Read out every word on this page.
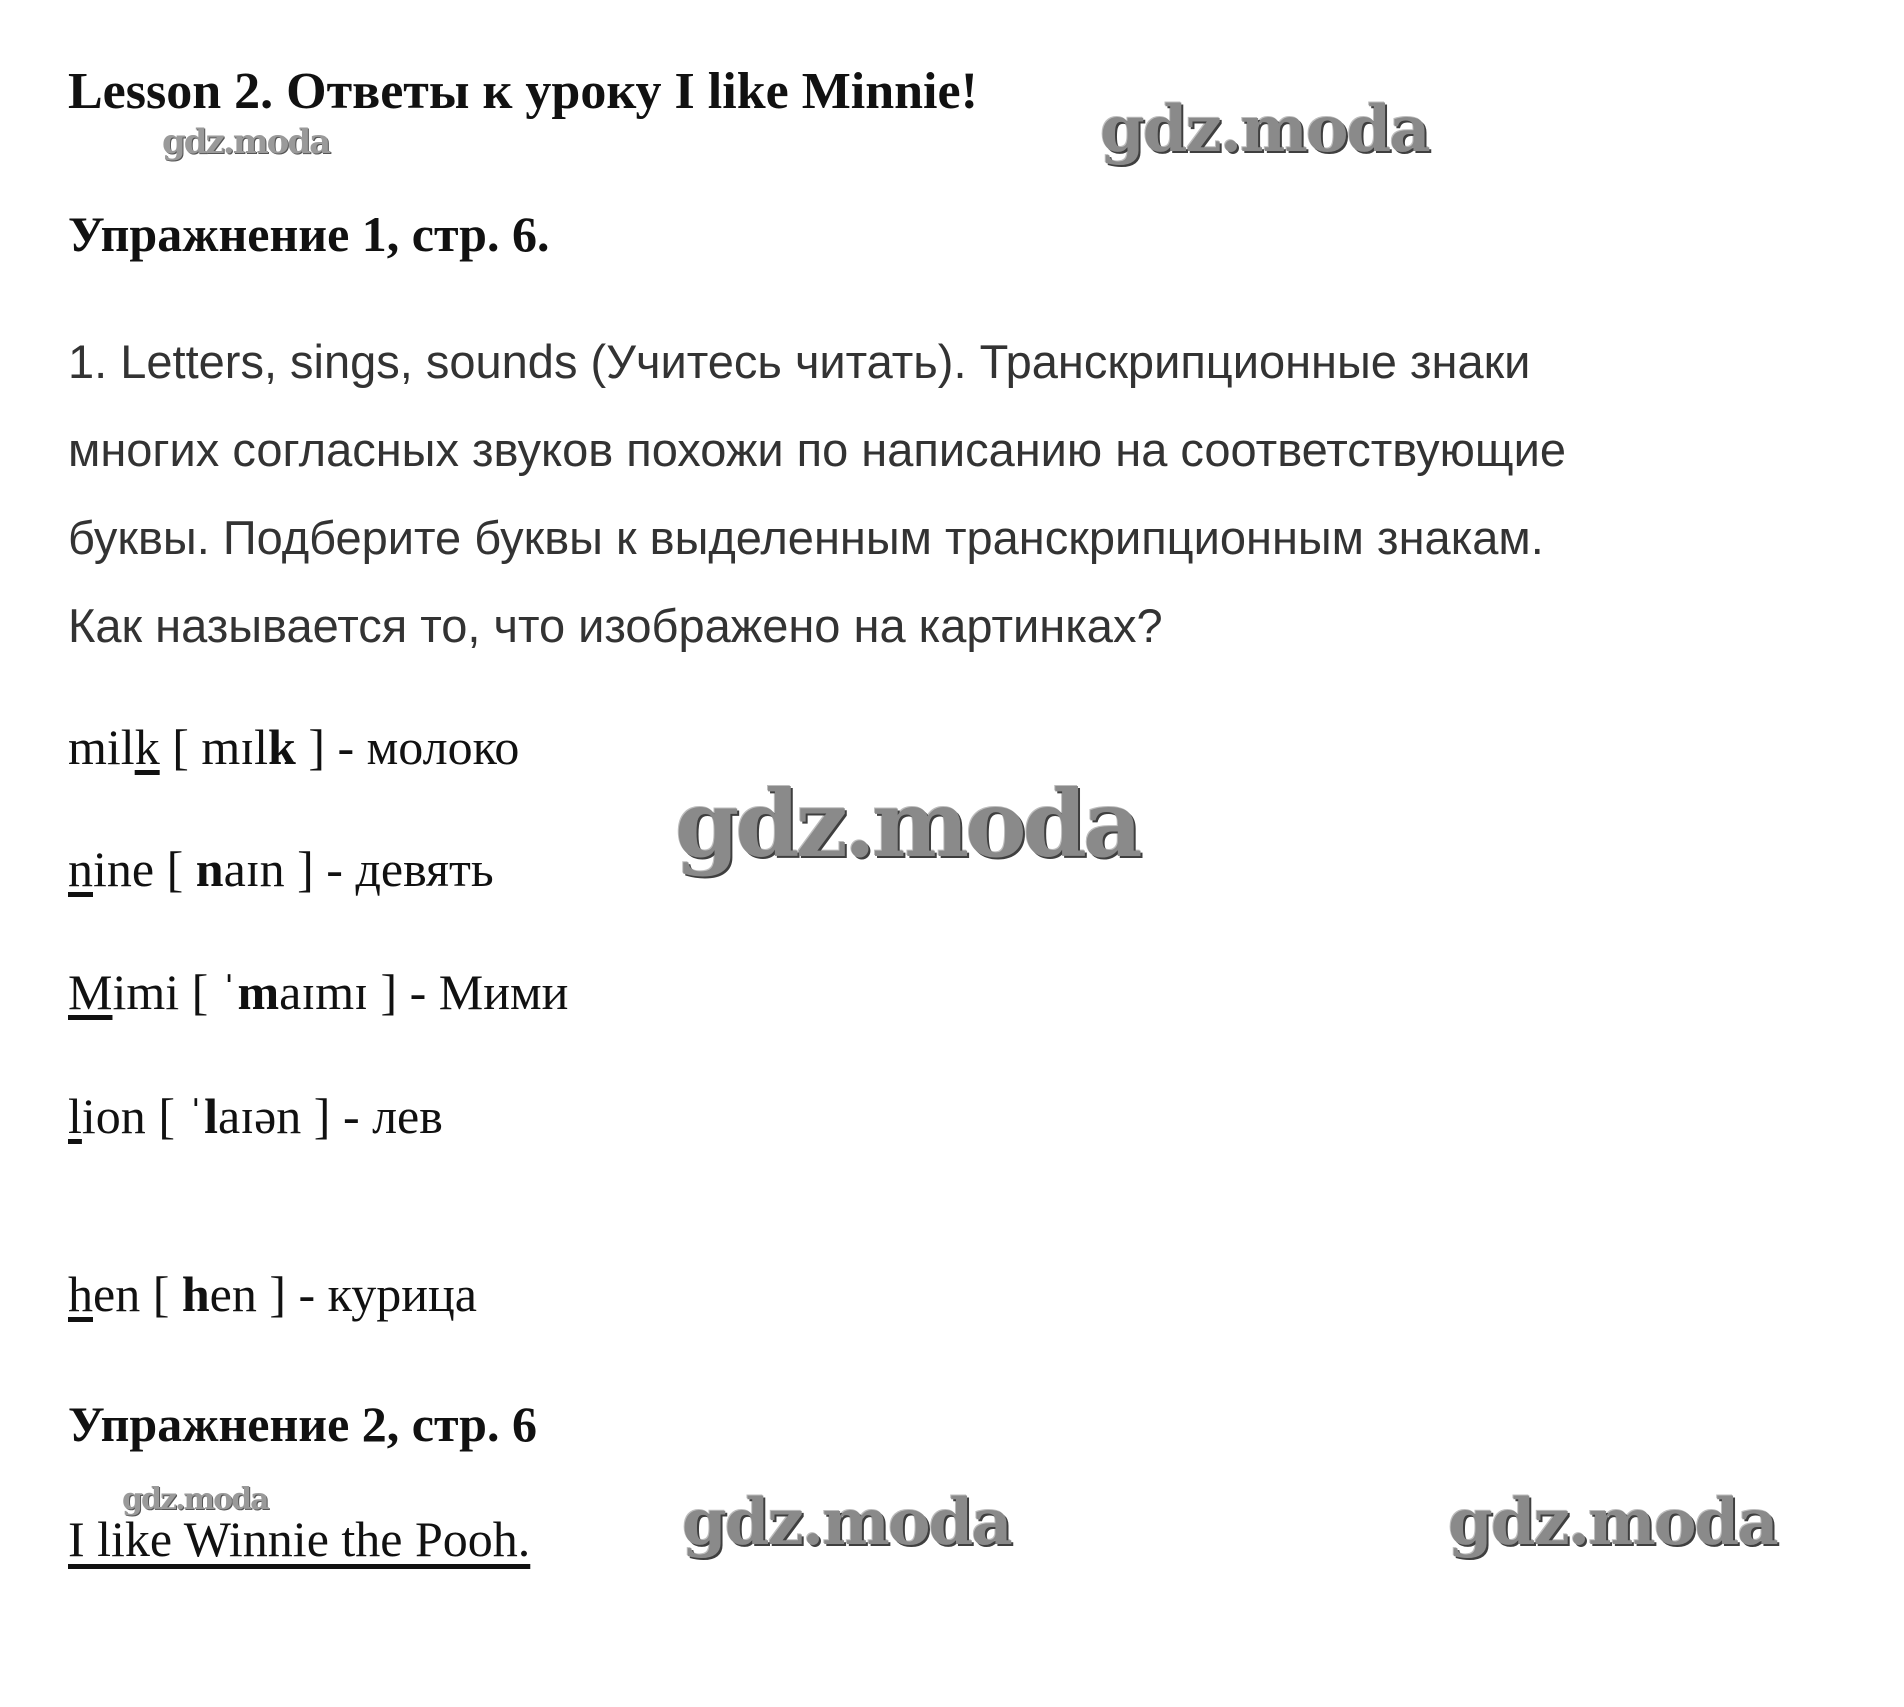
Lesson 2. Ответы к уроку I like Minnie!
Упражнение 1, стр. 6.
1. Letters, sings, sounds (Учитесь читать). Транскрипционные знаки
многих согласных звуков похожи по написанию на соответствующие
буквы. Подберите буквы к выделенным транскрипционным знакам.
Как называется то, что изображено на картинках?
milk [ mɪlk ] - молоко
nine [ naɪn ] - девять
Mimi [ ˈmaɪmɪ ] - Мими
lion [ ˈlaɪən ] - лев
hen [ hen ] - курица
Упражнение 2, стр. 6
I like Winnie the Pooh.
gdz.moda	gdz.moda
gdz.moda
gdz.moda	gdz.moda	gdz.moda
